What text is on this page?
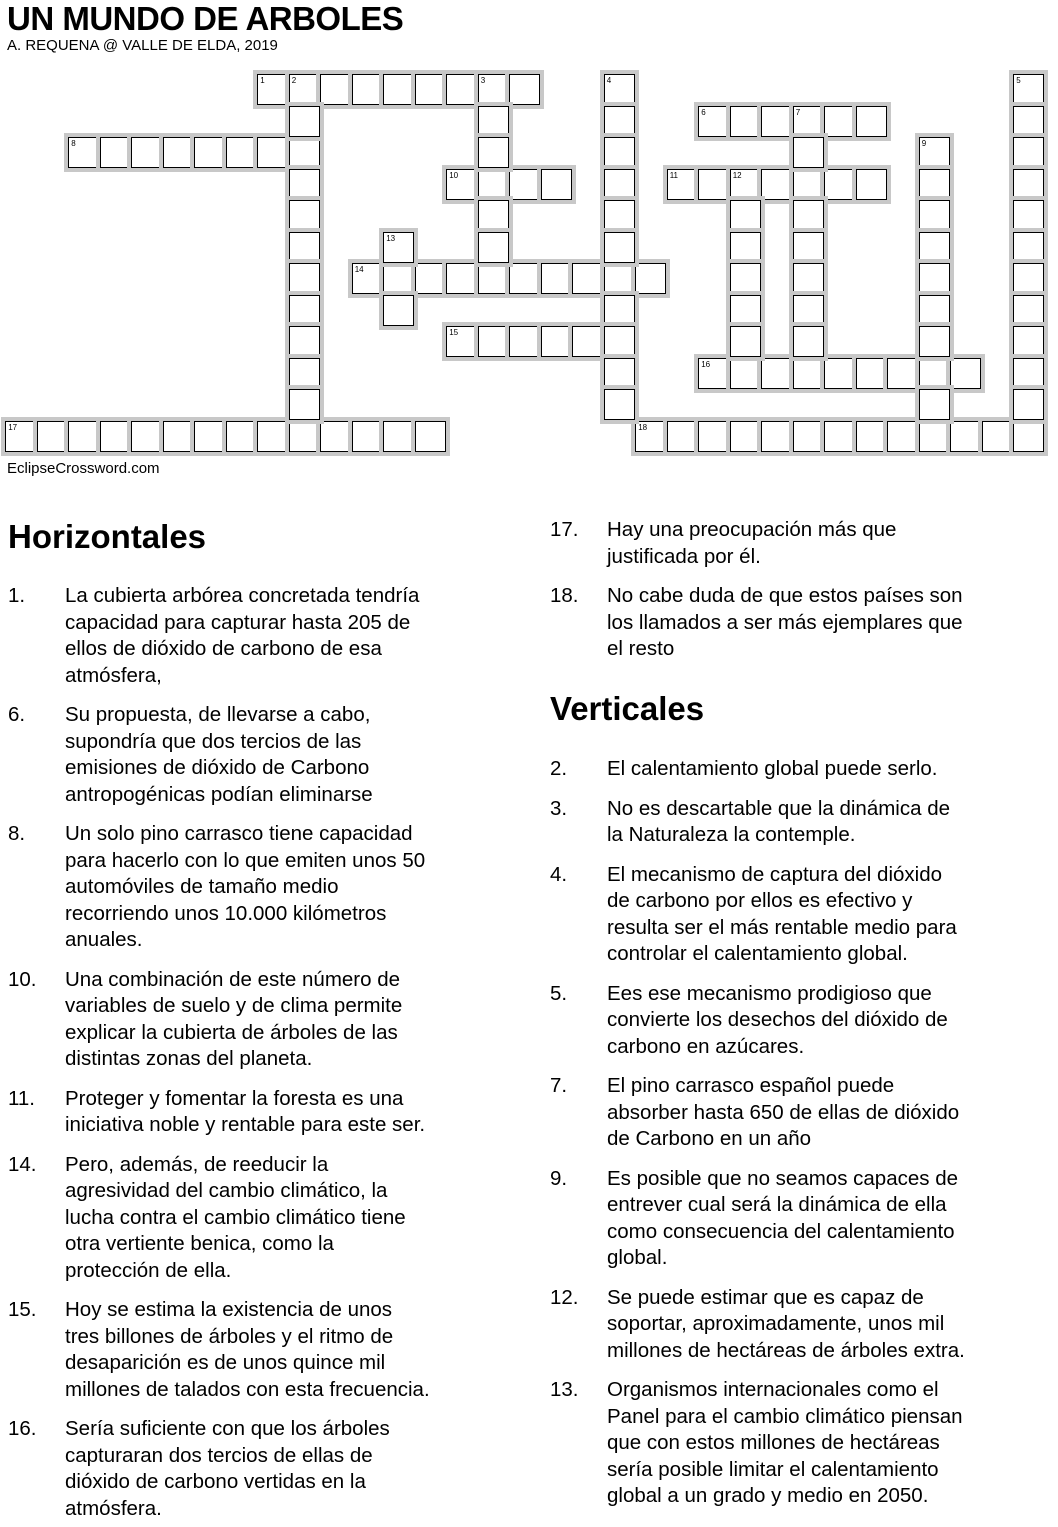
UN MUNDO DE ARBOLES
A. REQUENA @ VALLE DE ELDA, 2019
1	2	3
6	7
8
10	11	12
14
15
16
17	18
4	5
9
13
EclipseCrossword.com
Horizontales
1. La cubierta arbórea concretada tendría
capacidad para capturar hasta 205 de
ellos de dióxido de carbono de esa
atmósfera,
6. Su propuesta, de llevarse a cabo,
supondría que dos tercios de las
emisiones de dióxido de Carbono
antropogénicas podían eliminarse
8. Un solo pino carrasco tiene capacidad
para hacerlo con lo que emiten unos 50
automóviles de tamaño medio
recorriendo unos 10.000 kilómetros
anuales.
10. Una combinación de este número de
variables de suelo y de clima permite
explicar la cubierta de árboles de las
distintas zonas del planeta.
11. Proteger y fomentar la foresta es una
iniciativa noble y rentable para este ser.
14. Pero, además, de reeducir la
agresividad del cambio climático, la
lucha contra el cambio climático tiene
otra vertiente benica, como la
protección de ella.
15. Hoy se estima la existencia de unos
tres billones de árboles y el ritmo de
desaparición es de unos quince mil
millones de talados con esta frecuencia.
16. Sería suficiente con que los árboles
capturaran dos tercios de ellas de
dióxido de carbono vertidas en la
atmósfera.
17. Hay una preocupación más que
justificada por él.
18. No cabe duda de que estos países son
los llamados a ser más ejemplares que
el resto
Verticales
2. El calentamiento global puede serlo.
3. No es descartable que la dinámica de
la Naturaleza la contemple.
4. El mecanismo de captura del dióxido
de carbono por ellos es efectivo y
resulta ser el más rentable medio para
controlar el calentamiento global.
5. Ees ese mecanismo prodigioso que
convierte los desechos del dióxido de
carbono en azúcares.
7. El pino carrasco español puede
absorber hasta 650 de ellas de dióxido
de Carbono en un año
9. Es posible que no seamos capaces de
entrever cual será la dinámica de ella
como consecuencia del calentamiento
global.
12. Se puede estimar que es capaz de
soportar, aproximadamente, unos mil
millones de hectáreas de árboles extra.
13. Organismos internacionales como el
Panel para el cambio climático piensan
que con estos millones de hectáreas
sería posible limitar el calentamiento
global a un grado y medio en 2050.
